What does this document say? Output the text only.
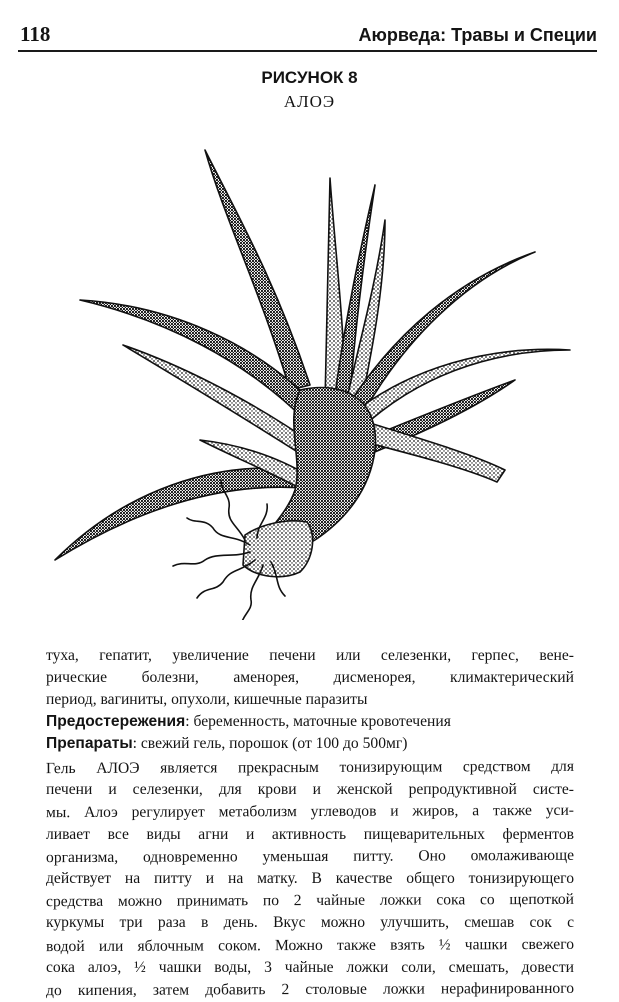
118	Аюрведа: Травы и Специи
РИСУНОК 8
АЛОЭ
туха, гепатит, увеличение печени или селезенки, герпес, вене-
рические болезни, аменорея, дисменорея, климактерический
период, вагиниты, опухоли, кишечные паразиты
Предостережения: беременность, маточные кровотечения
Препараты: свежий гель, порошок (от 100 до 500мг)
Гель АЛОЭ является прекрасным тонизирующим средством для
печени и селезенки, для крови и женской репродуктивной систе-
мы. Алоэ регулирует метаболизм углеводов и жиров, а также уси-
ливает все виды агни и активность пищеварительных ферментов
организма, одновременно уменьшая питту. Оно омолаживающе
действует на питту и на матку. В качестве общего тонизирующего
средства можно принимать по 2 чайные ложки сока со щепоткой
куркумы три раза в день. Вкус можно улучшить, смешав сок с
водой или яблочным соком. Можно также взять ½ чашки свежего
сока алоэ, ½ чашки воды, 3 чайные ложки соли, смешать, довести
до кипения, затем добавить 2 столовые ложки нерафинированного
